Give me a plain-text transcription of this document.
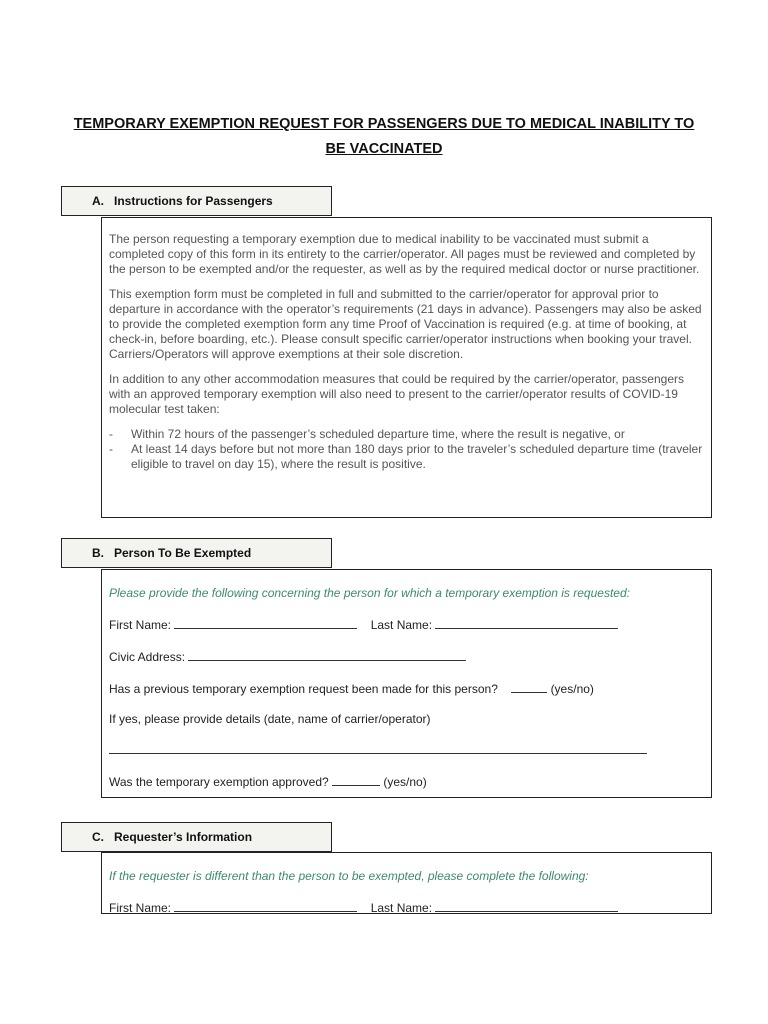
TEMPORARY EXEMPTION REQUEST FOR PASSENGERS DUE TO MEDICAL INABILITY TO
BE VACCINATED
A. Instructions for Passengers

The person requesting a temporary exemption due to medical inability to be vaccinated must submit a completed copy of this form in its entirety to the carrier/operator. All pages must be reviewed and completed by the person to be exempted and/or the requester, as well as by the required medical doctor or nurse practitioner.

This exemption form must be completed in full and submitted to the carrier/operator for approval prior to departure in accordance with the operator’s requirements (21 days in advance). Passengers may also be asked to provide the completed exemption form any time Proof of Vaccination is required (e.g. at time of booking, at check-in, before boarding, etc.). Please consult specific carrier/operator instructions when booking your travel. Carriers/Operators will approve exemptions at their sole discretion.

In addition to any other accommodation measures that could be required by the carrier/operator, passengers with an approved temporary exemption will also need to present to the carrier/operator results of COVID-19 molecular test taken:

- Within 72 hours of the passenger’s scheduled departure time, where the result is negative, or
- At least 14 days before but not more than 180 days prior to the traveler’s scheduled departure time (traveler eligible to travel on day 15), where the result is positive.
B. Person To Be Exempted

Please provide the following concerning the person for which a temporary exemption is requested:

First Name:	Last Name:
Civic Address:
Has a previous temporary exemption request been made for this person?	(yes/no)
If yes, please provide details (date, name of carrier/operator)
Was the temporary exemption approved?	(yes/no)
C. Requester’s Information

If the requester is different than the person to be exempted, please complete the following:

First Name:	Last Name:
